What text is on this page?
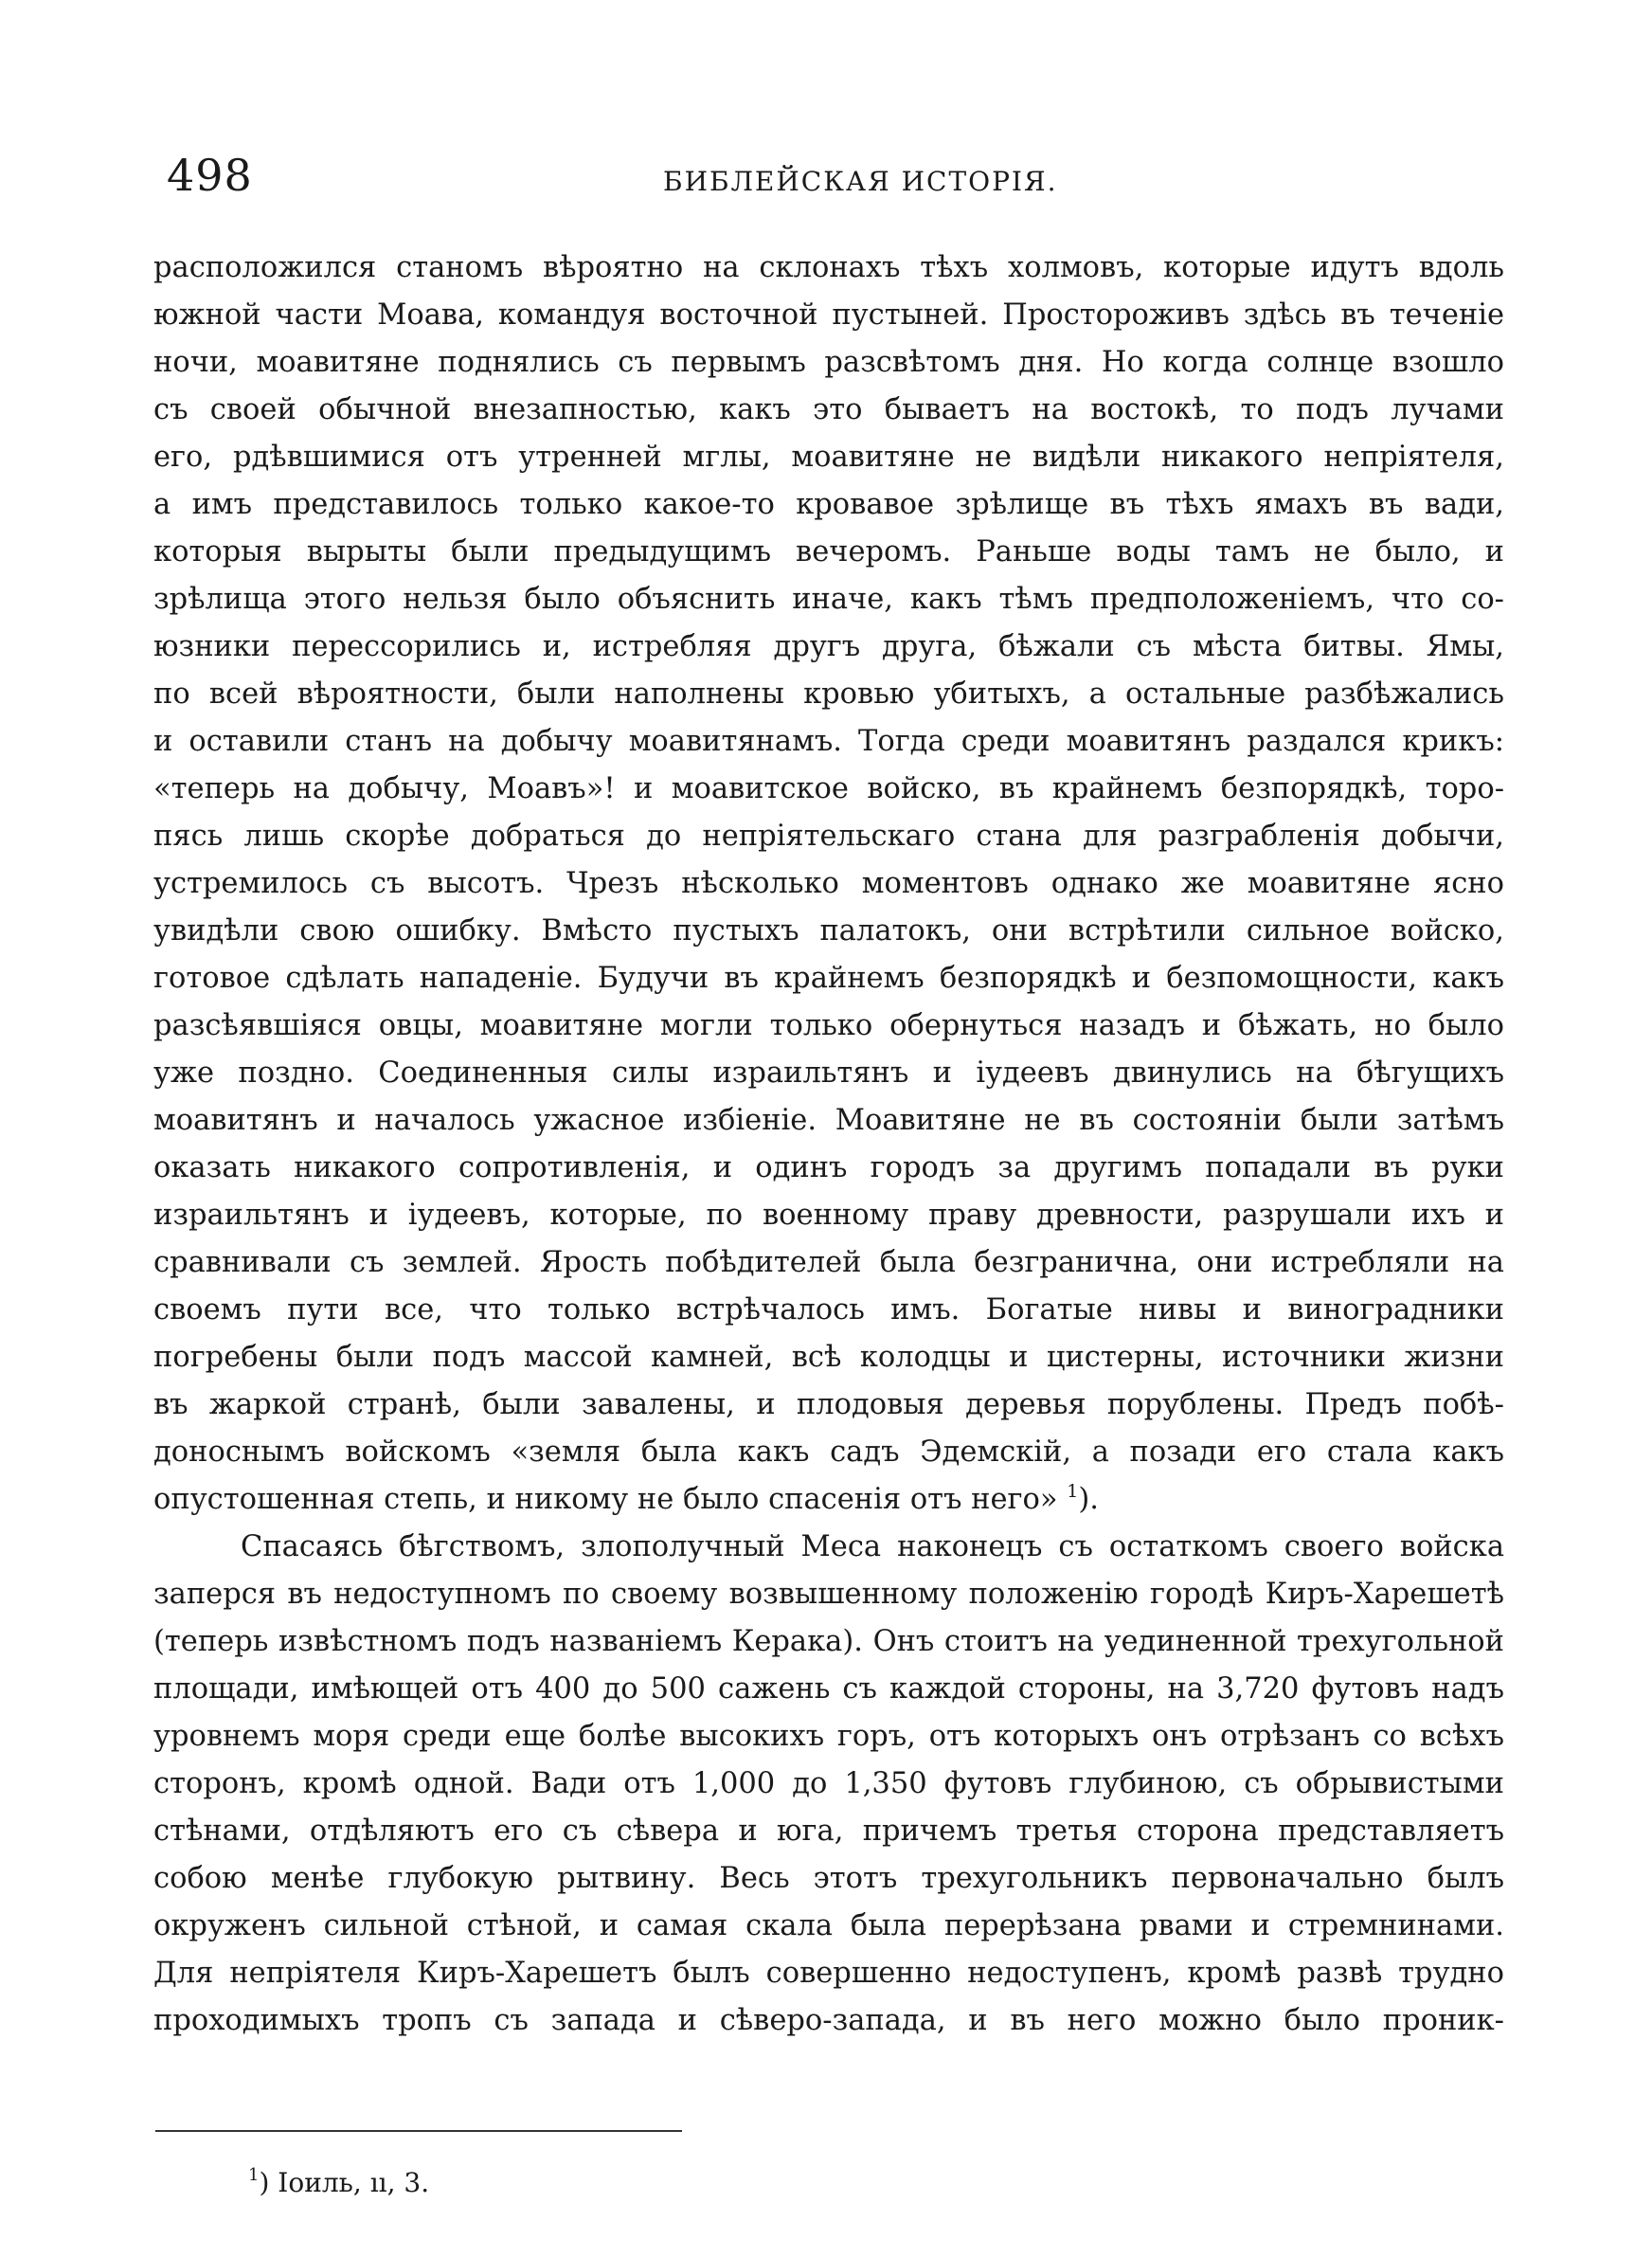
498	БИБЛЕЙСКАЯ ИСТОРІЯ.
расположился станомъ вѣроятно на склонахъ тѣхъ холмовъ, которые идутъ вдоль
южной части Моава, командуя восточной пустыней. Простороживъ здѣсь въ теченіе
ночи, моавитяне поднялись съ первымъ разсвѣтомъ дня. Но когда солнце взошло
съ своей обычной внезапностью, какъ это бываетъ на востокѣ, то подъ лучами
его, рдѣвшимися отъ утренней мглы, моавитяне не видѣли никакого непріятеля,
а имъ представилось только какое-то кровавое зрѣлище въ тѣхъ ямахъ въ вади,
которыя вырыты были предыдущимъ вечеромъ. Раньше воды тамъ не было, и
зрѣлища этого нельзя было объяснить иначе, какъ тѣмъ предположеніемъ, что со-
юзники перессорились и, истребляя другъ друга, бѣжали съ мѣста битвы. Ямы,
по всей вѣроятности, были наполнены кровью убитыхъ, а остальные разбѣжались
и оставили станъ на добычу моавитянамъ. Тогда среди моавитянъ раздался крикъ:
«теперь на добычу, Моавъ»! и моавитское войско, въ крайнемъ безпорядкѣ, торо-
пясь лишь скорѣе добраться до непріятельскаго стана для разграбленія добычи,
устремилось съ высотъ. Чрезъ нѣсколько моментовъ однако же моавитяне ясно
увидѣли свою ошибку. Вмѣсто пустыхъ палатокъ, они встрѣтили сильное войско,
готовое сдѣлать нападеніе. Будучи въ крайнемъ безпорядкѣ и безпомощности, какъ
разсѣявшіяся овцы, моавитяне могли только обернуться назадъ и бѣжать, но было
уже поздно. Соединенныя силы израильтянъ и іудеевъ двинулись на бѣгущихъ
моавитянъ и началось ужасное избіеніе. Моавитяне не въ состояніи были затѣмъ
оказать никакого сопротивленія, и одинъ городъ за другимъ попадали въ руки
израильтянъ и іудеевъ, которые, по военному праву древности, разрушали ихъ и
сравнивали съ землей. Ярость побѣдителей была безгранична, они истребляли на
своемъ пути все, что только встрѣчалось имъ. Богатые нивы и виноградники
погребены были подъ массой камней, всѣ колодцы и цистерны, источники жизни
въ жаркой странѣ, были завалены, и плодовыя деревья порублены. Предъ побѣ-
доноснымъ войскомъ «земля была какъ садъ Эдемскій, а позади его стала какъ
опустошенная степь, и никому не было спасенія отъ него» $^1$).
Спасаясь бѣгствомъ, злополучный Меса наконецъ съ остаткомъ своего войска
заперся въ недоступномъ по своему возвышенному положенію городѣ Киръ-Харешетѣ
(теперь извѣстномъ подъ названіемъ Керака). Онъ стоитъ на уединенной трехугольной
площади, имѣющей отъ 400 до 500 сажень съ каждой стороны, на 3,720 футовъ надъ
уровнемъ моря среди еще болѣе высокихъ горъ, отъ которыхъ онъ отрѣзанъ со всѣхъ
сторонъ, кромѣ одной. Вади отъ 1,000 до 1,350 футовъ глубиною, съ обрывистыми
стѣнами, отдѣляютъ его съ сѣвера и юга, причемъ третья сторона представляетъ
собою менѣе глубокую рытвину. Весь этотъ трехугольникъ первоначально былъ
окруженъ сильной стѣной, и самая скала была перерѣзана рвами и стремнинами.
Для непріятеля Киръ-Харешетъ былъ совершенно недоступенъ, кромѣ развѣ трудно
проходимыхъ тропъ съ запада и сѣверо-запада, и въ него можно было проник-
$^1$) Іоиль, ıı, 3.
